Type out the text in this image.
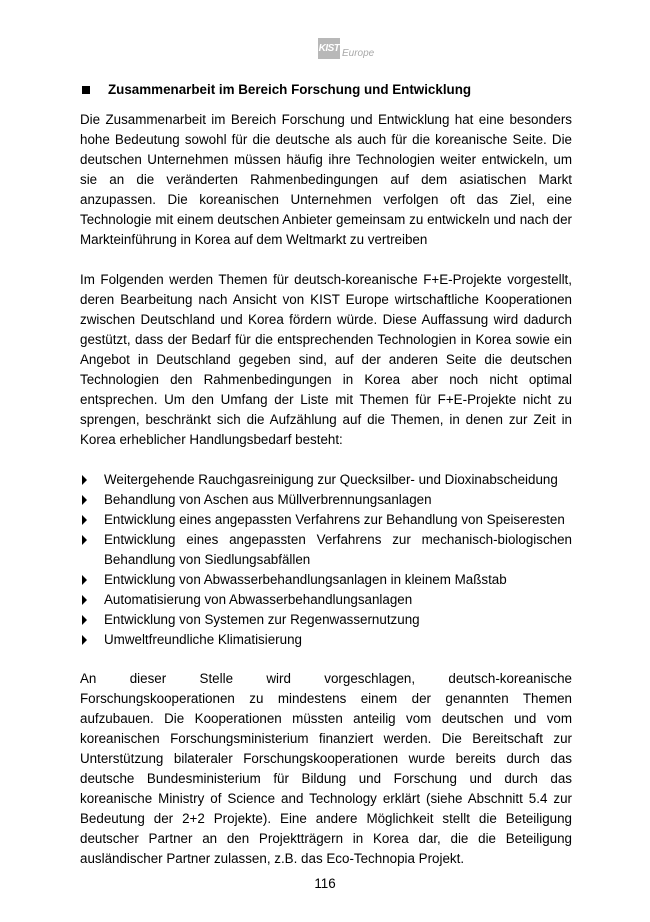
KIST Europe
Zusammenarbeit im Bereich Forschung und Entwicklung

Die Zusammenarbeit im Bereich Forschung und Entwicklung hat eine besonders hohe Bedeutung sowohl für die deutsche als auch für die koreanische Seite. Die deutschen Unternehmen müssen häufig ihre Technologien weiter entwickeln, um sie an die veränderten Rahmenbedingungen auf dem asiatischen Markt anzupassen. Die koreanischen Unternehmen verfolgen oft das Ziel, eine Technologie mit einem deutschen Anbieter gemeinsam zu entwickeln und nach der Markteinführung in Korea auf dem Weltmarkt zu vertreiben

Im Folgenden werden Themen für deutsch-koreanische F+E-Projekte vorgestellt, deren Bearbeitung nach Ansicht von KIST Europe wirtschaftliche Kooperationen zwischen Deutschland und Korea fördern würde. Diese Auffassung wird dadurch gestützt, dass der Bedarf für die entsprechenden Technologien in Korea sowie ein Angebot in Deutschland gegeben sind, auf der anderen Seite die deutschen Technologien den Rahmenbedingungen in Korea aber noch nicht optimal entsprechen. Um den Umfang der Liste mit Themen für F+E-Projekte nicht zu sprengen, beschränkt sich die Aufzählung auf die Themen, in denen zur Zeit in Korea erheblicher Handlungsbedarf besteht:

Weitergehende Rauchgasreinigung zur Quecksilber- und Dioxinabscheidung
Behandlung von Aschen aus Müllverbrennungsanlagen
Entwicklung eines angepassten Verfahrens zur Behandlung von Speiseresten
Entwicklung eines angepassten Verfahrens zur mechanisch-biologischen Behandlung von Siedlungsabfällen
Entwicklung von Abwasserbehandlungsanlagen in kleinem Maßstab
Automatisierung von Abwasserbehandlungsanlagen
Entwicklung von Systemen zur Regenwassernutzung
Umweltfreundliche Klimatisierung

An dieser Stelle wird vorgeschlagen, deutsch-koreanische Forschungskooperationen zu mindestens einem der genannten Themen aufzubauen. Die Kooperationen müssten anteilig vom deutschen und vom koreanischen Forschungsministerium finanziert werden. Die Bereitschaft zur Unterstützung bilateraler Forschungskooperationen wurde bereits durch das deutsche Bundesministerium für Bildung und Forschung und durch das koreanische Ministry of Science and Technology erklärt (siehe Abschnitt 5.4 zur Bedeutung der 2+2 Projekte). Eine andere Möglichkeit stellt die Beteiligung deutscher Partner an den Projektträgern in Korea dar, die die Beteiligung ausländischer Partner zulassen, z.B. das Eco-Technopia Projekt.

116
